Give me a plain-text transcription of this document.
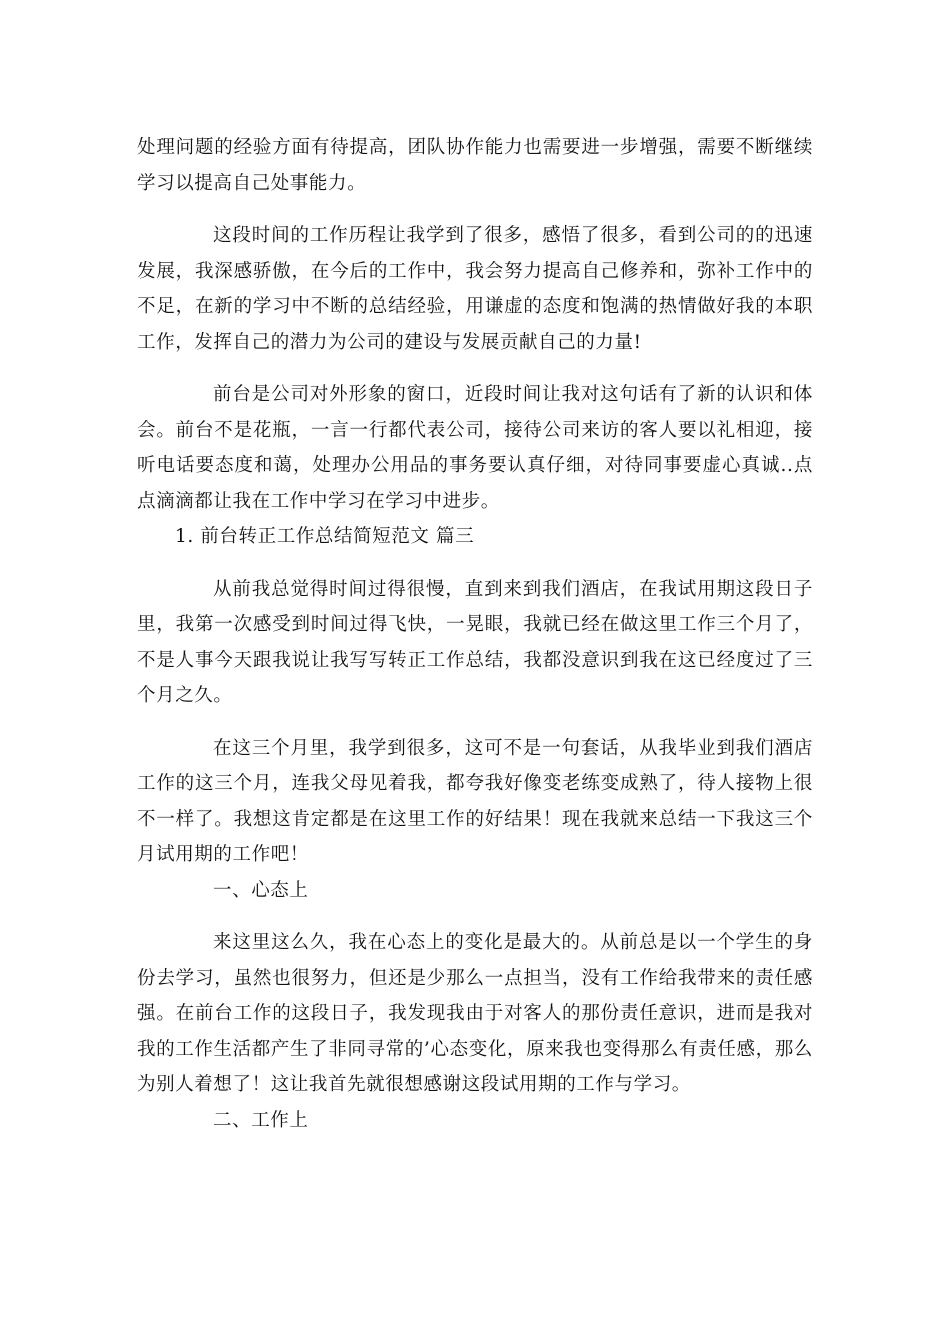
处理问题的经验方面有待提高，团队协作能力也需要进一步增强，需要不断继续学习以提高自己处事能力。

这段时间的工作历程让我学到了很多，感悟了很多，看到公司的的迅速发展，我深感骄傲，在今后的工作中，我会努力提高自己修养和，弥补工作中的不足，在新的学习中不断的总结经验，用谦虚的态度和饱满的热情做好我的本职工作，发挥自己的潜力为公司的建设与发展贡献自己的力量!

前台是公司对外形象的窗口，近段时间让我对这句话有了新的认识和体会。前台不是花瓶，一言一行都代表公司，接待公司来访的客人要以礼相迎，接听电话要态度和蔼，处理办公用品的事务要认真仔细，对待同事要虚心真诚..点点滴滴都让我在工作中学习在学习中进步。

1. 前台转正工作总结简短范文 篇三

从前我总觉得时间过得很慢，直到来到我们酒店，在我试用期这段日子里，我第一次感受到时间过得飞快，一晃眼，我就已经在做这里工作三个月了，不是人事今天跟我说让我写写转正工作总结，我都没意识到我在这已经度过了三个月之久。

在这三个月里，我学到很多，这可不是一句套话，从我毕业到我们酒店工作的这三个月，连我父母见着我，都夸我好像变老练变成熟了，待人接物上很不一样了。我想这肯定都是在这里工作的好结果！现在我就来总结一下我这三个月试用期的工作吧！

一、心态上

来这里这么久，我在心态上的变化是最大的。从前总是以一个学生的身份去学习，虽然也很努力，但还是少那么一点担当，没有工作给我带来的责任感强。在前台工作的这段日子，我发现我由于对客人的那份责任意识，进而是我对我的工作生活都产生了非同寻常的’心态变化，原来我也变得那么有责任感，那么为别人着想了！这让我首先就很想感谢这段试用期的工作与学习。

二、工作上
